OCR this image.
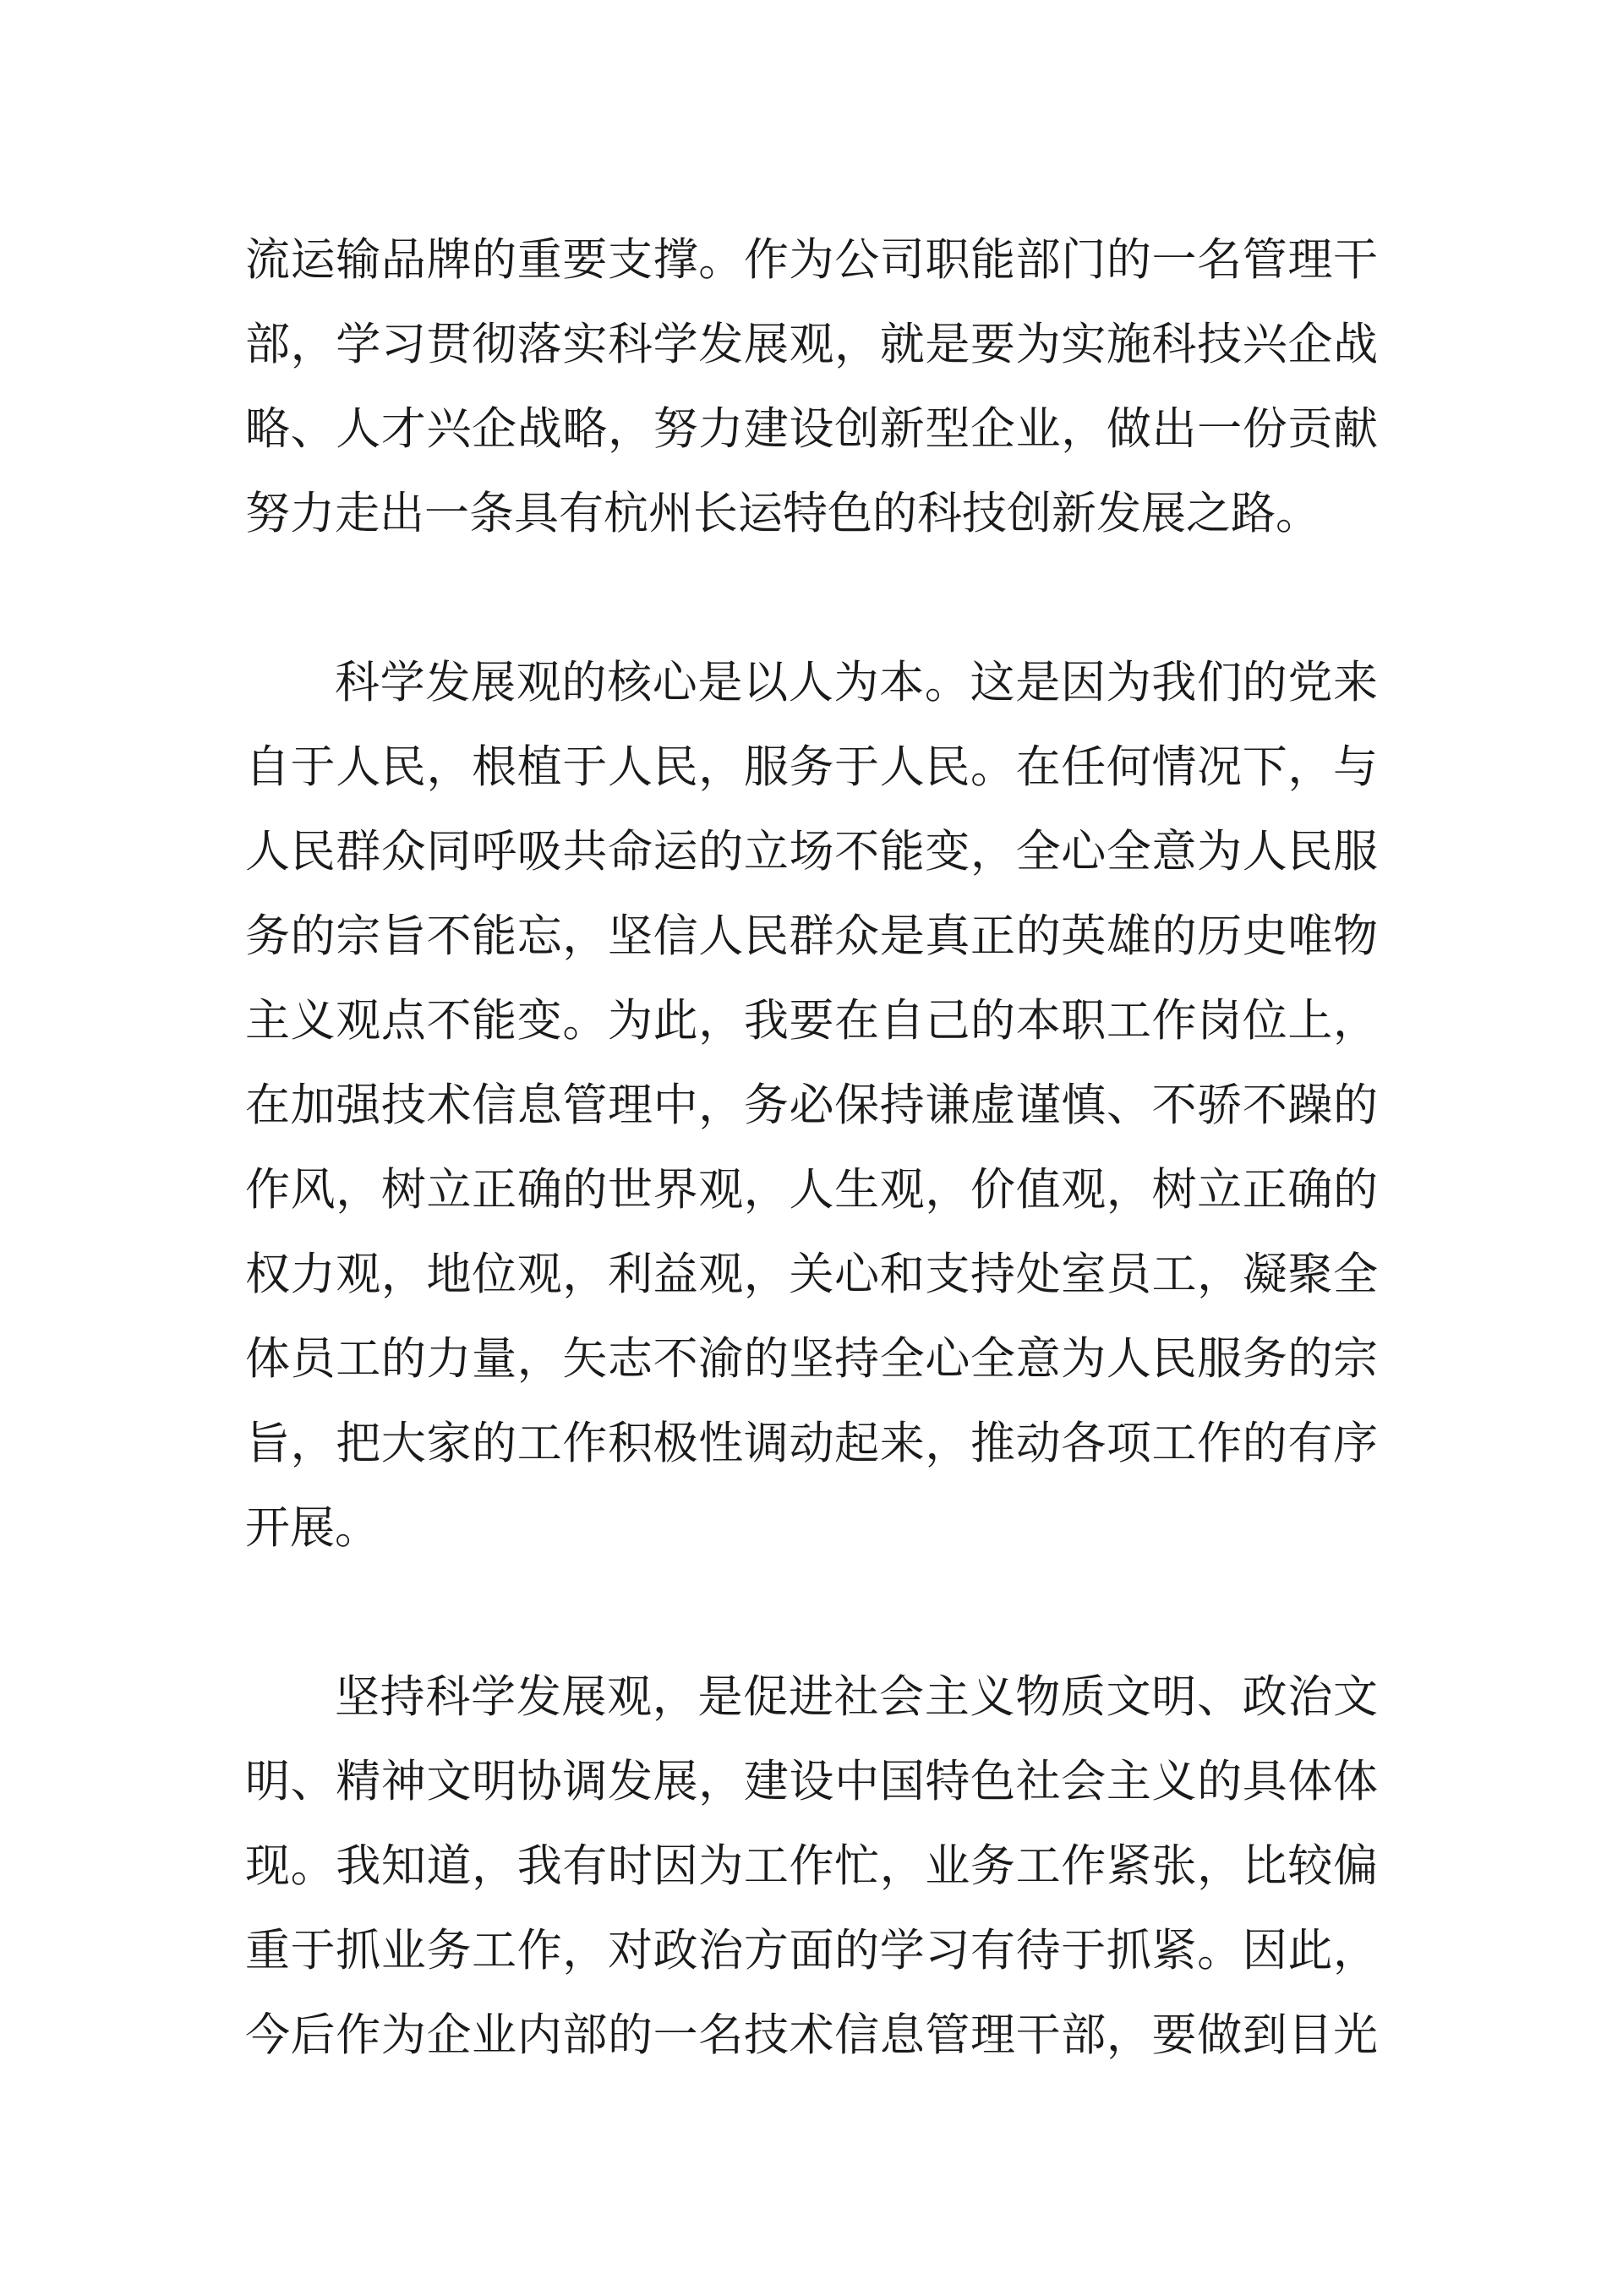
流运输品牌的重要支撑。作为公司职能部门的一名管理干
部，学习贯彻落实科学发展观，就是要为实施科技兴企战
略、人才兴企战略，努力建设创新型企业，做出一份贡献
努力走出一条具有杭州长运特色的科技创新发展之路。
科学发展观的核心是以人为本。这是因为我们的党来
自于人民，根植于人民，服务于人民。在任何情况下，与
人民群众同呼吸共命运的立场不能变，全心全意为人民服
务的宗旨不能忘，坚信人民群众是真正的英雄的历史唯物
主义观点不能变。为此，我要在自己的本职工作岗位上，
在加强技术信息管理中，务必保持谦虚谨慎、不骄不躁的
作风，树立正确的世界观，人生观，价值观，树立正确的
权力观，地位观，利益观，关心和支持处室员工，凝聚全
体员工的力量，矢志不渝的坚持全心全意为人民服务的宗
旨，把大家的工作积极性调动起来，推动各项工作的有序
开展。
坚持科学发展观，是促进社会主义物质文明、政治文
明、精神文明协调发展，建设中国特色社会主义的具体体
现。我知道，我有时因为工作忙，业务工作紧张，比较偏
重于抓业务工作，对政治方面的学习有待于抓紧。因此，
今后作为企业内部的一名技术信息管理干部，要做到目光
